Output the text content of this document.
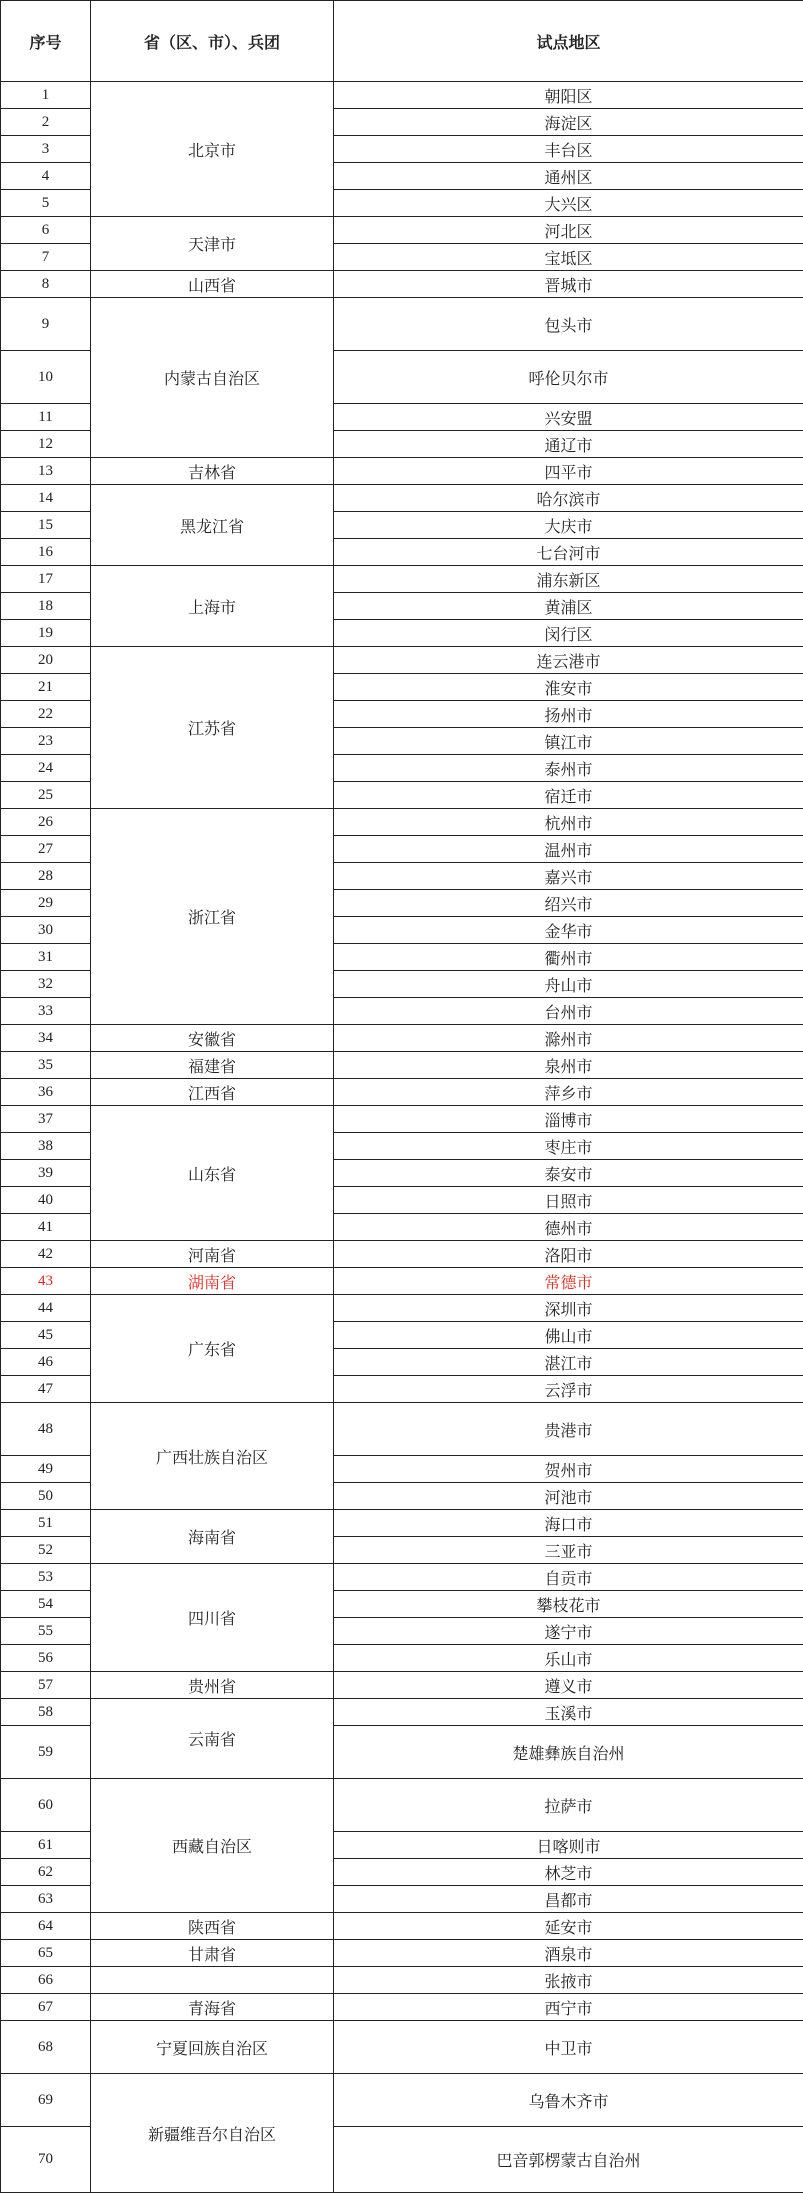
序号	省（区、市）、兵团	试点地区
1	北京市	朝阳区
2		海淀区
3		丰台区
4		通州区
5		大兴区
6	天津市	河北区
7		宝坻区
8	山西省	晋城市
9	内蒙古自治区	包头市
10		呼伦贝尔市
11		兴安盟
12		通辽市
13	吉林省	四平市
14	黑龙江省	哈尔滨市
15		大庆市
16		七台河市
17	上海市	浦东新区
18		黄浦区
19		闵行区
20	江苏省	连云港市
21		淮安市
22		扬州市
23		镇江市
24		泰州市
25		宿迁市
26	浙江省	杭州市
27		温州市
28		嘉兴市
29		绍兴市
30		金华市
31		衢州市
32		舟山市
33		台州市
34	安徽省	滁州市
35	福建省	泉州市
36	江西省	萍乡市
37	山东省	淄博市
38		枣庄市
39		泰安市
40		日照市
41		德州市
42	河南省	洛阳市
43	湖南省	常德市
44	广东省	深圳市
45		佛山市
46		湛江市
47		云浮市
48	广西壮族自治区	贵港市
49		贺州市
50		河池市
51	海南省	海口市
52		三亚市
53	四川省	自贡市
54		攀枝花市
55		遂宁市
56		乐山市
57	贵州省	遵义市
58	云南省	玉溪市
59		楚雄彝族自治州
60	西藏自治区	拉萨市
61		日喀则市
62		林芝市
63		昌都市
64	陕西省	延安市
65	甘肃省	酒泉市
66		张掖市
67	青海省	西宁市
68	宁夏回族自治区	中卫市
69	新疆维吾尔自治区	乌鲁木齐市
70		巴音郭楞蒙古自治州
